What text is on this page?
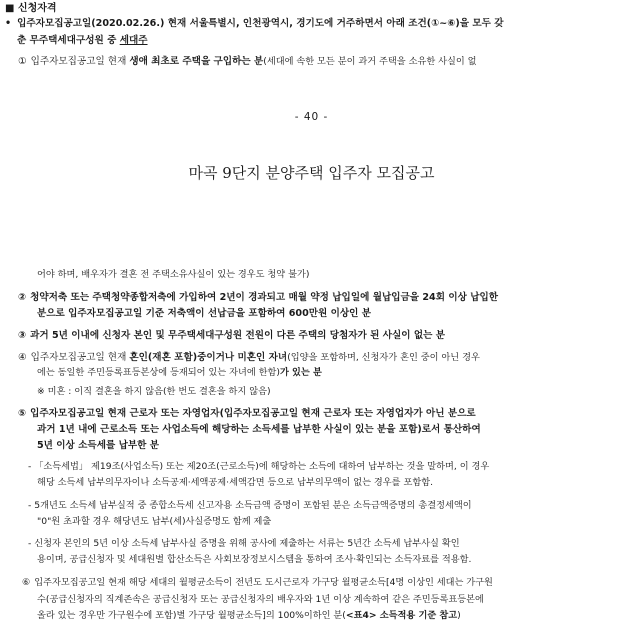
■ 신청자격
• 입주자모집공고일(2020.02.26.) 현재 서울특별시, 인천광역시, 경기도에 거주하면서 아래 조건(①~⑥)을 모두 갖
춘 무주택세대구성원 중 세대주
① 입주자모집공고일 현재 생애 최초로 주택을 구입하는 분(세대에 속한 모든 분이 과거 주택을 소유한 사실이 없
- 40 -
마곡 9단지 분양주택 입주자 모집공고
어야 하며, 배우자가 결혼 전 주택소유사실이 있는 경우도 청약 불가)
② 청약저축 또는 주택청약종합저축에 가입하여 2년이 경과되고 매월 약정 납입일에 월납입금을 24회 이상 납입한
분으로 입주자모집공고일 기준 저축액이 선납금을 포함하여 600만원 이상인 분
③ 과거 5년 이내에 신청자 본인 및 무주택세대구성원 전원이 다른 주택의 당첨자가 된 사실이 없는 분
④ 입주자모집공고일 현재 혼인(재혼 포함)중이거나 미혼인 자녀(입양을 포함하며, 신청자가 혼인 중이 아닌 경우
에는 동일한 주민등록표등본상에 등재되어 있는 자녀에 한함)가 있는 분
※ 미혼 : 이직 결혼을 하지 않음(한 번도 결혼을 하지 않음)
⑤ 입주자모집공고일 현재 근로자 또는 자영업자(입주자모집공고일 현재 근로자 또는 자영업자가 아닌 분으로
과거 1년 내에 근로소득 또는 사업소득에 해당하는 소득세를 납부한 사실이 있는 분을 포함)로서 통산하여
5년 이상 소득세를 납부한 분
- 「소득세법」 제19조(사업소득) 또는 제20조(근로소득)에 해당하는 소득에 대하여 납부하는 것을 말하며, 이 경우
해당 소득세 납부의무자이나 소득공제·세액공제·세액감면 등으로 납부의무액이 없는 경우를 포함함.
- 5개년도 소득세 납부실적 중 종합소득세 신고자용 소득금액 증명이 포함된 분은 소득금액증명의 총결정세액이
"0"원 초과할 경우 해당년도 납부(세)사실증명도 함께 제출
- 신청자 본인의 5년 이상 소득세 납부사실 증명을 위해 공사에 제출하는 서류는 5년간 소득세 납부사실 확인
용이며, 공급신청자 및 세대원별 합산소득은 사회보장정보시스템을 통하여 조사·확인되는 소득자료를 적용함.
⑥ 입주자모집공고일 현재 해당 세대의 월평균소득이 전년도 도시근로자 가구당 월평균소득[4명 이상인 세대는 가구원
수(공급신청자의 직계존속은 공급신청자 또는 공급신청자의 배우자와 1년 이상 계속하여 같은 주민등록표등본에
올라 있는 경우만 가구원수에 포함)별 가구당 월평균소득]의 100%이하인 분(<표4> 소득적용 기준 참고)
